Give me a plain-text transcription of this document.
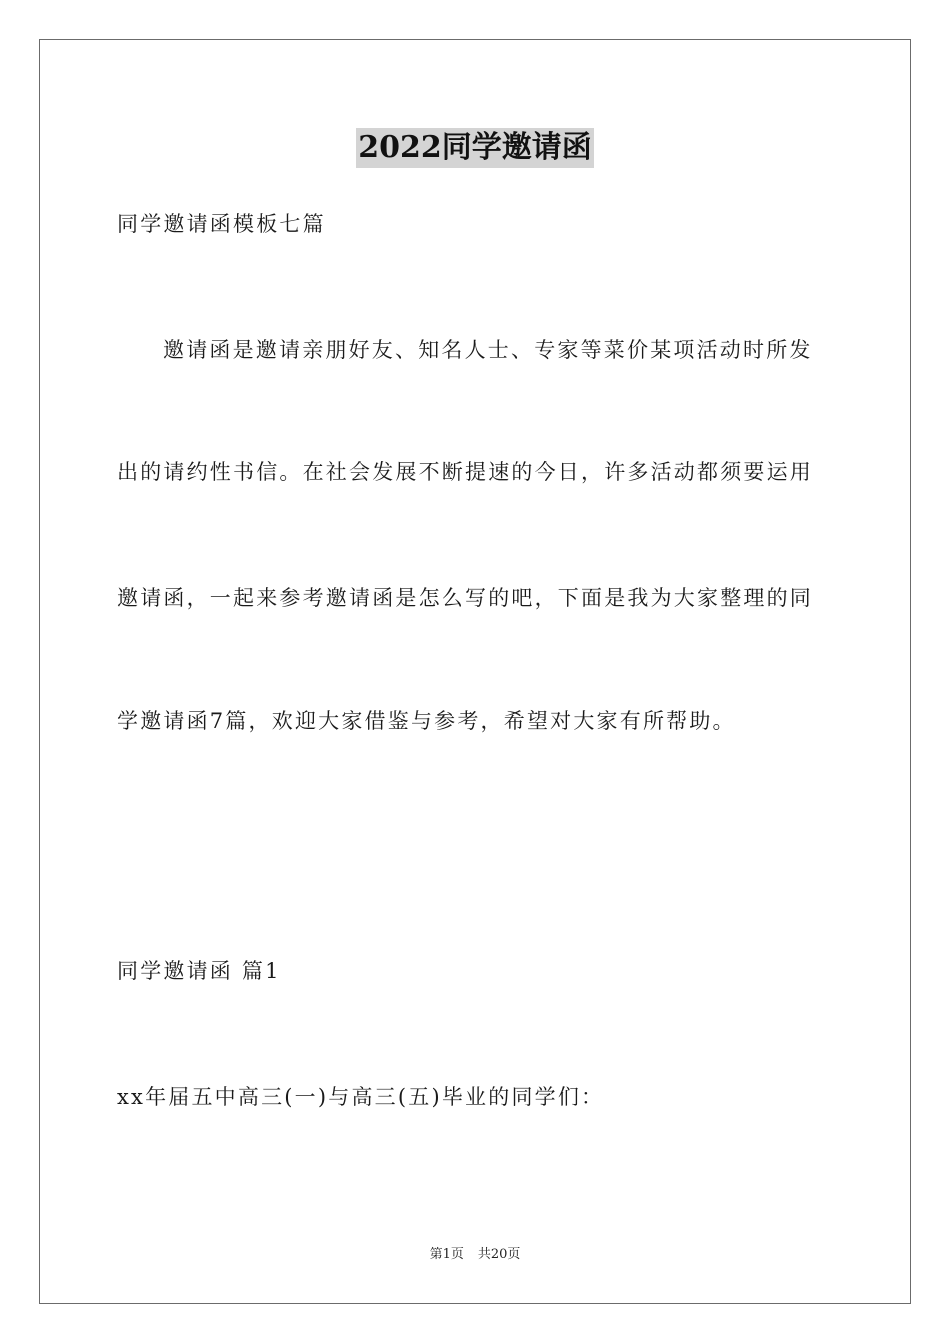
2022同学邀请函
同学邀请函模板七篇
邀请函是邀请亲朋好友、知名人士、专家等菜价某项活动时所发
出的请约性书信。在社会发展不断提速的今日，许多活动都须要运用
邀请函，一起来参考邀请函是怎么写的吧，下面是我为大家整理的同
学邀请函7篇，欢迎大家借鉴与参考，希望对大家有所帮助。
同学邀请函 篇1
xx年届五中高三(一)与高三(五)毕业的同学们：
第1页 共20页
